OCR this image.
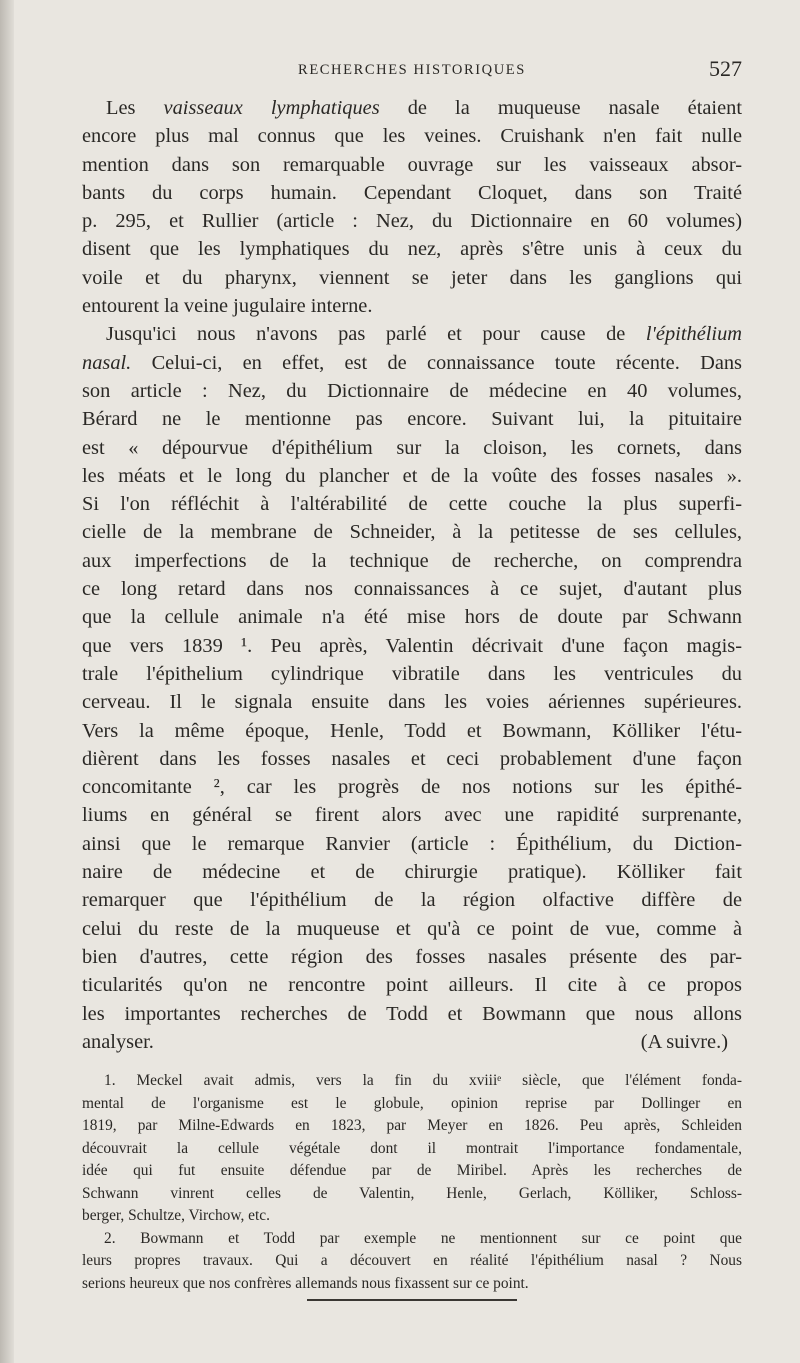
RECHERCHES HISTORIQUES	527

Les vaisseaux lymphatiques de la muqueuse nasale étaient
encore plus mal connus que les veines. Cruishank n'en fait nulle
mention dans son remarquable ouvrage sur les vaisseaux absor-
bants du corps humain. Cependant Cloquet, dans son Traité
p. 295, et Rullier (article : Nez, du Dictionnaire en 60 volumes)
disent que les lymphatiques du nez, après s'être unis à ceux du
voile et du pharynx, viennent se jeter dans les ganglions qui
entourent la veine jugulaire interne.

Jusqu'ici nous n'avons pas parlé et pour cause de l'épithélium
nasal. Celui-ci, en effet, est de connaissance toute récente. Dans
son article : Nez, du Dictionnaire de médecine en 40 volumes,
Bérard ne le mentionne pas encore. Suivant lui, la pituitaire
est « dépourvue d'épithélium sur la cloison, les cornets, dans
les méats et le long du plancher et de la voûte des fosses nasales ».
Si l'on réfléchit à l'altérabilité de cette couche la plus superfi-
cielle de la membrane de Schneider, à la petitesse de ses cellules,
aux imperfections de la technique de recherche, on comprendra
ce long retard dans nos connaissances à ce sujet, d'autant plus
que la cellule animale n'a été mise hors de doute par Schwann
que vers 1839 ¹. Peu après, Valentin décrivait d'une façon magis-
trale l'épithelium cylindrique vibratile dans les ventricules du
cerveau. Il le signala ensuite dans les voies aériennes supérieures.
Vers la même époque, Henle, Todd et Bowmann, Kölliker l'étu-
dièrent dans les fosses nasales et ceci probablement d'une façon
concomitante ², car les progrès de nos notions sur les épithé-
liums en général se firent alors avec une rapidité surprenante,
ainsi que le remarque Ranvier (article : Épithélium, du Diction-
naire de médecine et de chirurgie pratique). Kölliker fait
remarquer que l'épithélium de la région olfactive diffère de
celui du reste de la muqueuse et qu'à ce point de vue, comme à
bien d'autres, cette région des fosses nasales présente des par-
ticularités qu'on ne rencontre point ailleurs. Il cite à ce propos
les importantes recherches de Todd et Bowmann que nous allons

analyser.	(A suivre.)
1. Meckel avait admis, vers la fin du xviiiᵉ siècle, que l'élément fonda-
mental de l'organisme est le globule, opinion reprise par Dollinger en
1819, par Milne-Edwards en 1823, par Meyer en 1826. Peu après, Schleiden
découvrait la cellule végétale dont il montrait l'importance fondamentale,
idée qui fut ensuite défendue par de Miribel. Après les recherches de
Schwann vinrent celles de Valentin, Henle, Gerlach, Kölliker, Schloss-
berger, Schultze, Virchow, etc.
2. Bowmann et Todd par exemple ne mentionnent sur ce point que
leurs propres travaux. Qui a découvert en réalité l'épithélium nasal ? Nous
serions heureux que nos confrères allemands nous fixassent sur ce point.
